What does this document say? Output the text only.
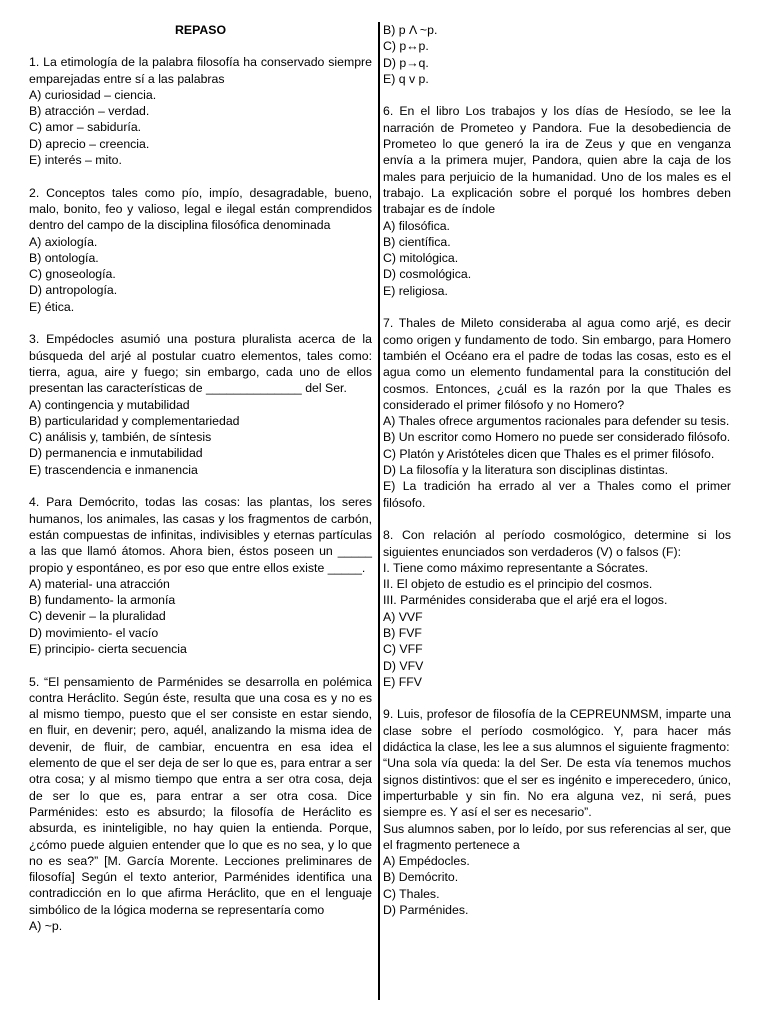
REPASO

1. La etimología de la palabra filosofía ha conservado siempre emparejadas entre sí a las palabras

A) curiosidad – ciencia.
B) atracción – verdad.
C) amor – sabiduría.
D) aprecio – creencia.
E) interés – mito.

2. Conceptos tales como pío, impío, desagradable, bueno, malo, bonito, feo y valioso, legal e ilegal están comprendidos dentro del campo de la disciplina filosófica denominada

A) axiología.
B) ontología.
C) gnoseología.
D) antropología.
E) ética.

3. Empédocles asumió una postura pluralista acerca de la búsqueda del arjé al postular cuatro elementos, tales como: tierra, agua, aire y fuego; sin embargo, cada uno de ellos presentan las características de ______________ del Ser.

A) contingencia y mutabilidad
B) particularidad y complementariedad
C) análisis y, también, de síntesis
D) permanencia e inmutabilidad
E) trascendencia e inmanencia

4. Para Demócrito, todas las cosas: las plantas, los seres humanos, los animales, las casas y los fragmentos de carbón, están compuestas de infinitas, indivisibles y eternas partículas a las que llamó átomos. Ahora bien, éstos poseen un _____ propio y espontáneo, es por eso que entre ellos existe _____.

A) material- una atracción
B) fundamento- la armonía
C) devenir – la pluralidad
D) movimiento- el vacío
E) principio- cierta secuencia

5. “El pensamiento de Parménides se desarrolla en polémica contra Heráclito. Según éste, resulta que una cosa es y no es al mismo tiempo, puesto que el ser consiste en estar siendo, en fluir, en devenir; pero, aquél, analizando la misma idea de devenir, de fluir, de cambiar, encuentra en esa idea el elemento de que el ser deja de ser lo que es, para entrar a ser otra cosa; y al mismo tiempo que entra a ser otra cosa, deja de ser lo que es, para entrar a ser otra cosa. Dice Parménides: esto es absurdo; la filosofía de Heráclito es absurda, es ininteligible, no hay quien la entienda. Porque, ¿cómo puede alguien entender que lo que es no sea, y lo que no es sea?” [M. García Morente. Lecciones preliminares de filosofía] Según el texto anterior, Parménides identifica una contradicción en lo que afirma Heráclito, que en el lenguaje simbólico de la lógica moderna se representaría como

A) ~p.
B) p Λ ~p.
C) p↔p.
D) p→q.
E) q v p.

6. En el libro Los trabajos y los días de Hesíodo, se lee la narración de Prometeo y Pandora. Fue la desobediencia de Prometeo lo que generó la ira de Zeus y que en venganza envía a la primera mujer, Pandora, quien abre la caja de los males para perjuicio de la humanidad. Uno de los males es el trabajo. La explicación sobre el porqué los hombres deben trabajar es de índole

A) filosófica.
B) científica.
C) mitológica.
D) cosmológica.
E) religiosa.

7. Thales de Mileto consideraba al agua como arjé, es decir como origen y fundamento de todo. Sin embargo, para Homero también el Océano era el padre de todas las cosas, esto es el agua como un elemento fundamental para la constitución del cosmos. Entonces, ¿cuál es la razón por la que Thales es considerado el primer filósofo y no Homero?

A) Thales ofrece argumentos racionales para defender su tesis.
B) Un escritor como Homero no puede ser considerado filósofo.
C) Platón y Aristóteles dicen que Thales es el primer filósofo.
D) La filosofía y la literatura son disciplinas distintas.
E) La tradición ha errado al ver a Thales como el primer filósofo.

8. Con relación al período cosmológico, determine si los siguientes enunciados son verdaderos (V) o falsos (F):

I. Tiene como máximo representante a Sócrates.
II. El objeto de estudio es el principio del cosmos.
III. Parménides consideraba que el arjé era el logos.
A) VVF
B) FVF
C) VFF
D) VFV
E) FFV

9. Luis, profesor de filosofía de la CEPREUNMSM, imparte una clase sobre el período cosmológico. Y, para hacer más didáctica la clase, les lee a sus alumnos el siguiente fragmento:

“Una sola vía queda: la del Ser. De esta vía tenemos muchos signos distintivos: que el ser es ingénito e imperecedero, único, imperturbable y sin fin. No era alguna vez, ni será, pues siempre es. Y así el ser es necesario”.
Sus alumnos saben, por lo leído, por sus referencias al ser, que el fragmento pertenece a
A) Empédocles.
B) Demócrito.
C) Thales.
D) Parménides.
